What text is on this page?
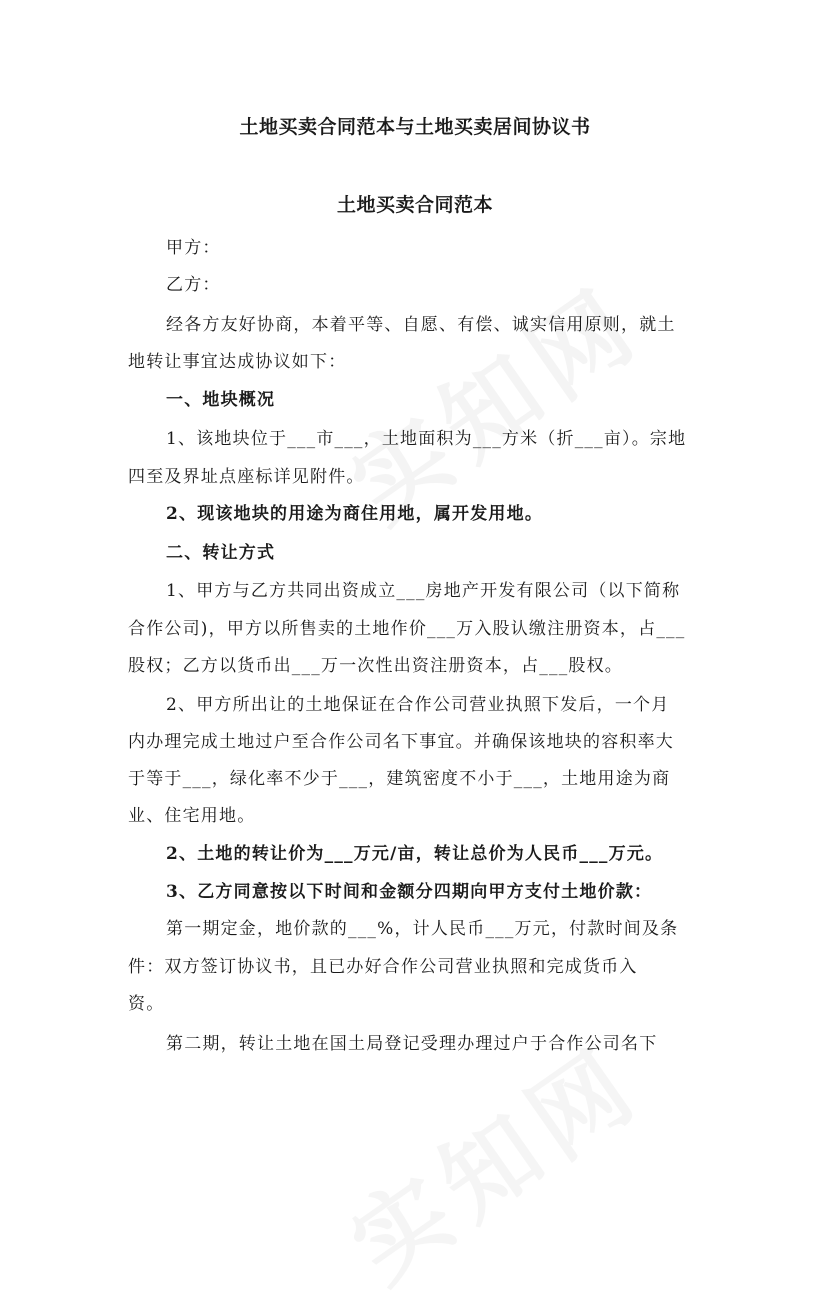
土地买卖合同范本与土地买卖居间协议书
土地买卖合同范本
甲方：
乙方：
经各方友好协商，本着平等、自愿、有偿、诚实信用原则，就土
地转让事宜达成协议如下：
一、地块概况
1、该地块位于___市___，土地面积为___方米（折___亩）。宗地
四至及界址点座标详见附件。
2、现该地块的用途为商住用地，属开发用地。
二、转让方式
1、甲方与乙方共同出资成立___房地产开发有限公司（以下简称
合作公司)，甲方以所售卖的土地作价___万入股认缴注册资本，占___
股权；乙方以货币出___万一次性出资注册资本，占___股权。
2、甲方所出让的土地保证在合作公司营业执照下发后，一个月
内办理完成土地过户至合作公司名下事宜。并确保该地块的容积率大
于等于___，绿化率不少于___，建筑密度不小于___，土地用途为商
业、住宅用地。
2、土地的转让价为___万元/亩，转让总价为人民币___万元。
3、乙方同意按以下时间和金额分四期向甲方支付土地价款：
第一期定金，地价款的___%，计人民币___万元，付款时间及条
件：双方签订协议书，且已办好合作公司营业执照和完成货币入
资。
第二期，转让土地在国土局登记受理办理过户于合作公司名下
